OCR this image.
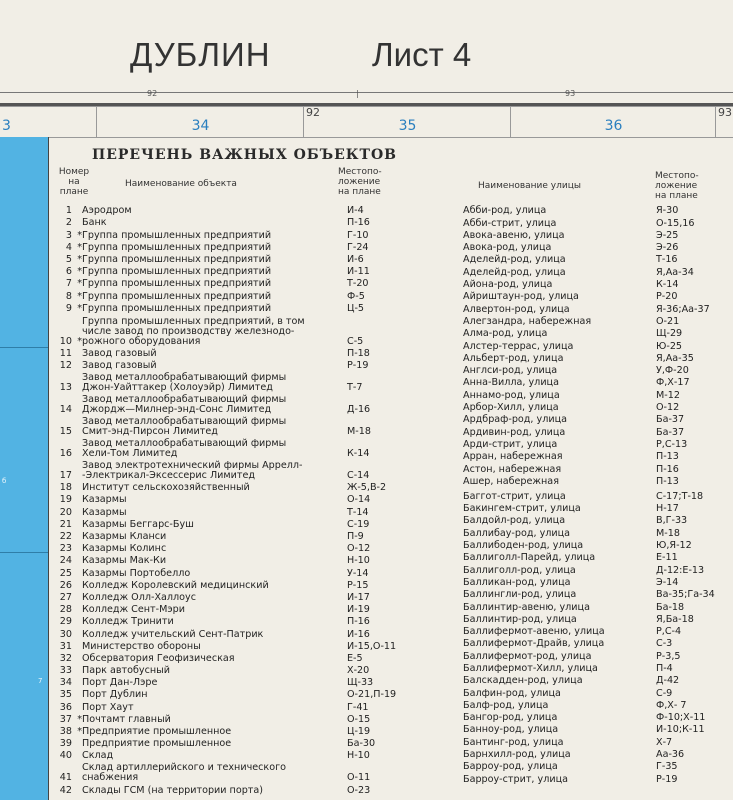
ДУБЛИН	Лист 4
92	|	93
3	34
92
35	36
93
б
7
ПЕРЕЧЕНЬ ВАЖНЫХ ОБЪЕКТОВ
Номер
на
плане
Наименование объекта
Местопо-
ложение
на плане
Наименование улицы
Местопо-
ложение
на плане
1		Аэродром	И-4
2		Банк	П-16
3	*	Группа промышленных предприятий	Г-10
4	*	Группа промышленных предприятий	Г-24
5	*	Группа промышленных предприятий	И-6
6	*	Группа промышленных предприятий	И-11
7	*	Группа промышленных предприятий	Т-20
8	*	Группа промышленных предприятий	Ф-5
9	*	Группа промышленных предприятий	Ц-5
10	*	Группа промышленных предприятий, в том
числе завод по производству железнодо-
рожного оборудования	С-5
11		Завод газовый	П-18
12		Завод газовый	Р-19
13		Завод металлообрабатывающий фирмы
Джон-Уайттакер (Холоуэйр) Лимитед	Т-7
14		Завод металлообрабатывающий фирмы
Джордж—Милнер-энд-Сонс Лимитед	Д-16
15		Завод металлообрабатывающий фирмы
Смит-энд-Пирсон Лимитед	М-18
16		Завод металлообрабатывающий фирмы
Хели-Том Лимитед	К-14
17		Завод электротехнический фирмы Аррелл-
-Электрикал-Эксессерис Лимитед	С-14
18		Институт сельскохозяйственный	Ж-5,В-2
19		Казармы	О-14
20		Казармы	Т-14
21		Казармы Беггарс-Буш	С-19
22		Казармы Кланси	П-9
23		Казармы Колинс	О-12
24		Казармы Мак-Ки	Н-10
25		Казармы Портобелло	У-14
26		Колледж Королевский медицинский	Р-15
27		Колледж Олл-Халлоус	И-17
28		Колледж Сент-Мэри	И-19
29		Колледж Тринити	П-16
30		Колледж учительский Сент-Патрик	И-16
31		Министерство обороны	И-15,О-11
32		Обсерватория Геофизическая	Е-5
33		Парк автобусный	Х-20
34		Порт Дан-Лэре	Щ-33
35		Порт Дублин	О-21,П-19
36		Порт Хаут	Г-41
37	*	Почтамт главный	О-15
38	*	Предприятие промышленное	Ц-19
39		Предприятие промышленное	Ба-30
40		Склад	Н-10
41		Склад артиллерийского и технического
снабжения	О-11
42		Склады ГСМ (на территории порта)	О-23
Абби-род, улица	Я-30
Абби-стрит, улица	О-15,16
Авока-авеню, улица	Э-25
Авока-род, улица	Э-26
Аделейд-род, улица	Т-16
Аделейд-род, улица	Я,Аа-34
Айона-род, улица	К-14
Айриштаун-род, улица	Р-20
Алвертон-род, улица	Я-36;Аа-37
Алегзандра, набережная	О-21
Алма-род, улица	Щ-29
Алстер-террас, улица	Ю-25
Альберт-род, улица	Я,Аа-35
Англси-род, улица	У,Ф-20
Анна-Вилла, улица	Ф,Х-17
Аннамо-род, улица	М-12
Арбор-Хилл, улица	О-12
Ардбраф-род, улица	Ба-37
Ардивин-род, улица	Ба-37
Арди-стрит, улица	Р,С-13
Арран, набережная	П-13
Астон, набережная	П-16
Ашер, набережная	П-13
Баггот-стрит, улица	С-17;Т-18
Бакингем-стрит, улица	Н-17
Балдойл-род, улица	В,Г-33
Баллибау-род, улица	М-18
Баллибоден-род, улица	Ю,Я-12
Баллиголл-Парейд, улица	Е-11
Баллиголл-род, улица	Д-12:Е-13
Балликан-род, улица	Э-14
Баллингли-род, улица	Ва-35;Га-34
Баллинтир-авеню, улица	Ба-18
Баллинтир-род, улица	Я,Ба-18
Баллифермот-авеню, улица	Р,С-4
Баллифермот-Драйв, улица	С-3
Баллифермот-род, улица	Р-3,5
Баллифермот-Хилл, улица	П-4
Балскадден-род, улица	Д-42
Балфин-род, улица	С-9
Балф-род, улица	Ф,Х- 7
Бангор-род, улица	Ф-10;Х-11
Банноу-род, улица	И-10;К-11
Бантинг-род, улица	Х-7
Барнхилл-род, улица	Аа-36
Барроу-род, улица	Г-35
Барроу-стрит, улица	Р-19
